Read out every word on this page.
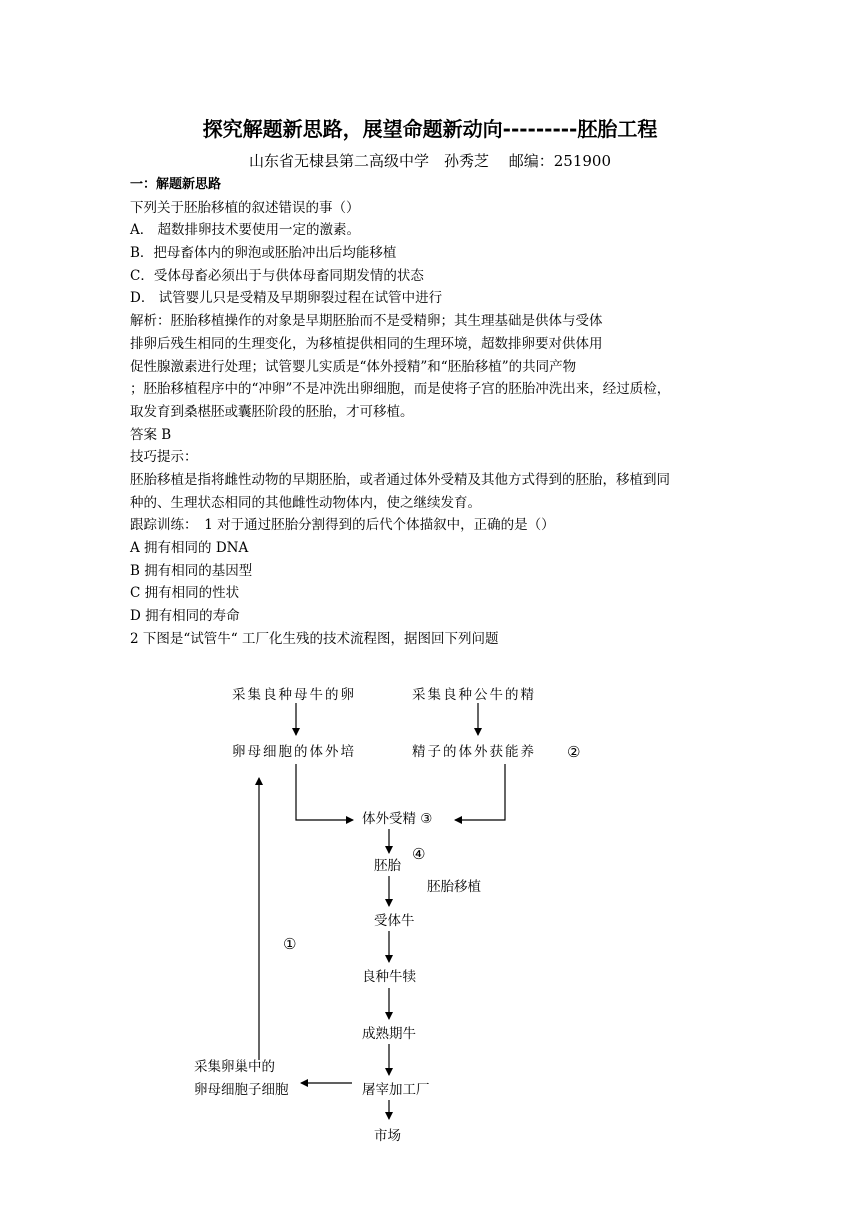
探究解题新思路，展望命题新动向---------胚胎工程
山东省无棣县第二高级中学　孙秀芝　 邮编：251900
一：解题新思路
下列关于胚胎移植的叙述错误的事（）
A． 超数排卵技术要使用一定的激素。
B．把母畜体内的卵泡或胚胎冲出后均能移植
C．受体母畜必须出于与供体母畜同期发情的状态
D． 试管婴儿只是受精及早期卵裂过程在试管中进行
解析：胚胎移植操作的对象是早期胚胎而不是受精卵；其生理基础是供体与受体
排卵后残生相同的生理变化，为移植提供相同的生理环境，超数排卵要对供体用
促性腺激素进行处理；试管婴儿实质是“体外授精”和“胚胎移植”的共同产物
；胚胎移植程序中的“冲卵”不是冲洗出卵细胞，而是使将子宫的胚胎冲洗出来，经过质检，
取发育到桑椹胚或囊胚阶段的胚胎，才可移植。
答案 B
技巧提示：
胚胎移植是指将雌性动物的早期胚胎，或者通过体外受精及其他方式得到的胚胎，移植到同
种的、生理状态相同的其他雌性动物体内，使之继续发育。
跟踪训练：　1 对于通过胚胎分割得到的后代个体描叙中，正确的是（）
A 拥有相同的 DNA
B 拥有相同的基因型
C 拥有相同的性状
D 拥有相同的寿命
2 下图是“试管牛“ 工厂化生残的技术流程图，据图回下列问题
采集良种母牛的卵	采集良种公牛的精
卵母细胞的体外培	精子的体外获能养 ②
体外受精 ③
④
胚胎
胚胎移植
受体牛
①
良种牛犊
成熟期牛
屠宰加工厂
采集卵巢中的
卵母细胞子细胞
市场
